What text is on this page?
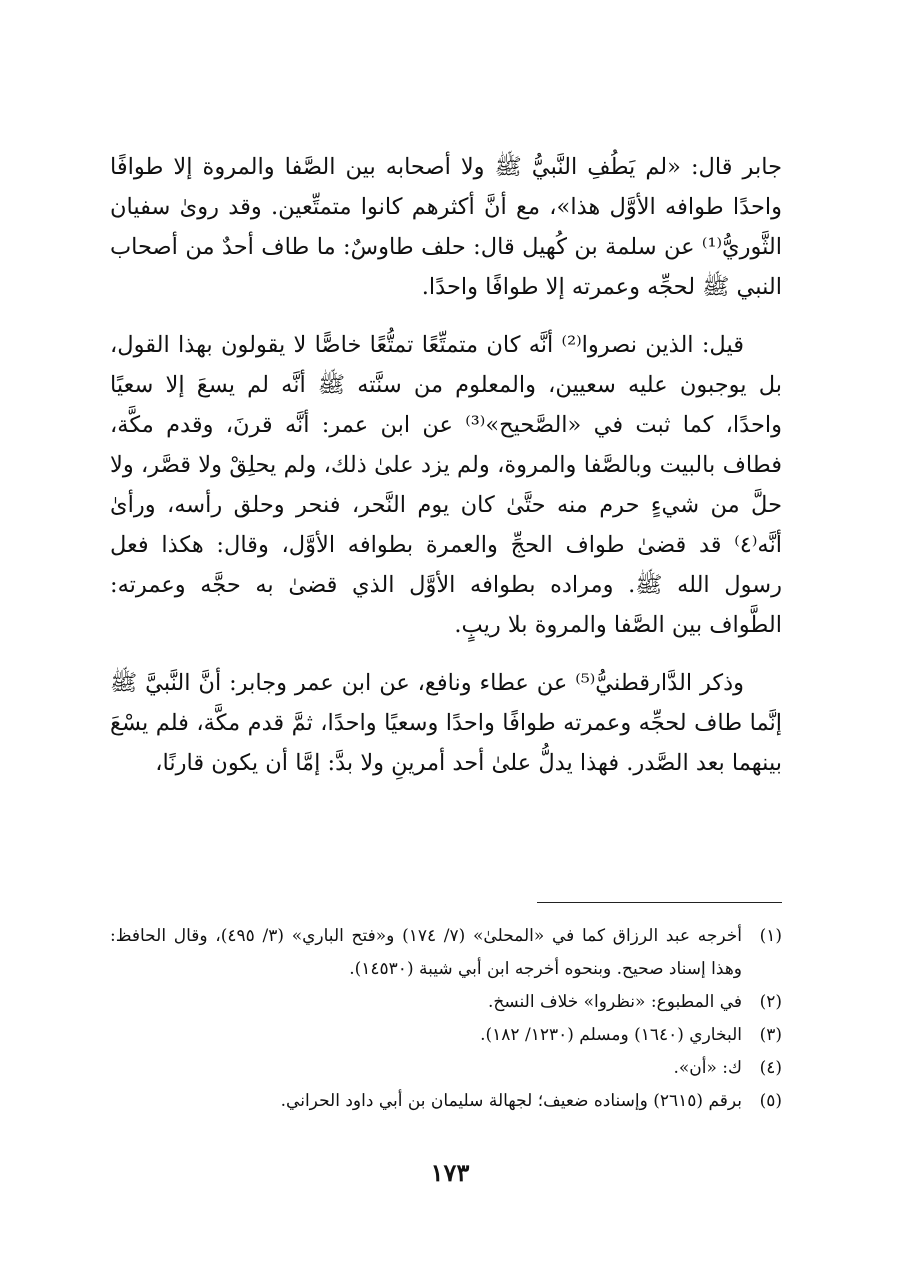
جابر قال: «لم يَطُفِ النَّبيُّ ﷺ ولا أصحابه بين الصَّفا والمروة إلا طوافًا واحدًا طوافه الأوَّل هذا»، مع أنَّ أكثرهم كانوا متمتِّعين. وقد روىٰ سفيان الثَّوريُّ⁽¹⁾ عن سلمة بن كُهيل قال: حلف طاوسٌ: ما طاف أحدٌ من أصحاب النبي ﷺ لحجِّه وعمرته إلا طوافًا واحدًا.

قيل: الذين نصروا⁽²⁾ أنَّه كان متمتِّعًا تمتُّعًا خاصًّا لا يقولون بهذا القول، بل يوجبون عليه سعيين، والمعلوم من سنَّته ﷺ أنَّه لم يسعَ إلا سعيًا واحدًا، كما ثبت في «الصَّحيح»⁽³⁾ عن ابن عمر: أنَّه قرنَ، وقدم مكَّة، فطاف بالبيت وبالصَّفا والمروة، ولم يزد علىٰ ذلك، ولم يحلِقْ ولا قصَّر، ولا حلَّ من شيءٍ حرم منه حتَّىٰ كان يوم النَّحر، فنحر وحلق رأسه، ورأىٰ أنَّه⁽٤⁾ قد قضىٰ طواف الحجِّ والعمرة بطوافه الأوَّل، وقال: هكذا فعل رسول الله ﷺ. ومراده بطوافه الأوَّل الذي قضىٰ به حجَّه وعمرته: الطَّواف بين الصَّفا والمروة بلا ريبٍ.

وذكر الدَّارقطنيُّ⁽⁵⁾ عن عطاء ونافع، عن ابن عمر وجابر: أنَّ النَّبيَّ ﷺ إنَّما طاف لحجِّه وعمرته طوافًا واحدًا وسعيًا واحدًا، ثمَّ قدم مكَّة، فلم يسْعَ بينهما بعد الصَّدر. فهذا يدلُّ علىٰ أحد أمرينِ ولا بدَّ: إمَّا أن يكون قارنًا،

(١)
أخرجه عبد الرزاق كما في «المحلىٰ» (٧/ ١٧٤) و«فتح الباري» (٣/ ٤٩٥)، وقال الحافظ: وهذا إسناد صحيح. وبنحوه أخرجه ابن أبي شيبة (١٤٥٣٠).
(٢)
في المطبوع: «نظروا» خلاف النسخ.
(٣)
البخاري (١٦٤٠) ومسلم (١٢٣٠/ ١٨٢).
(٤)
ك: «أن».
(٥)
برقم (٢٦١٥) وإسناده ضعيف؛ لجهالة سليمان بن أبي داود الحراني.
١٧٣
